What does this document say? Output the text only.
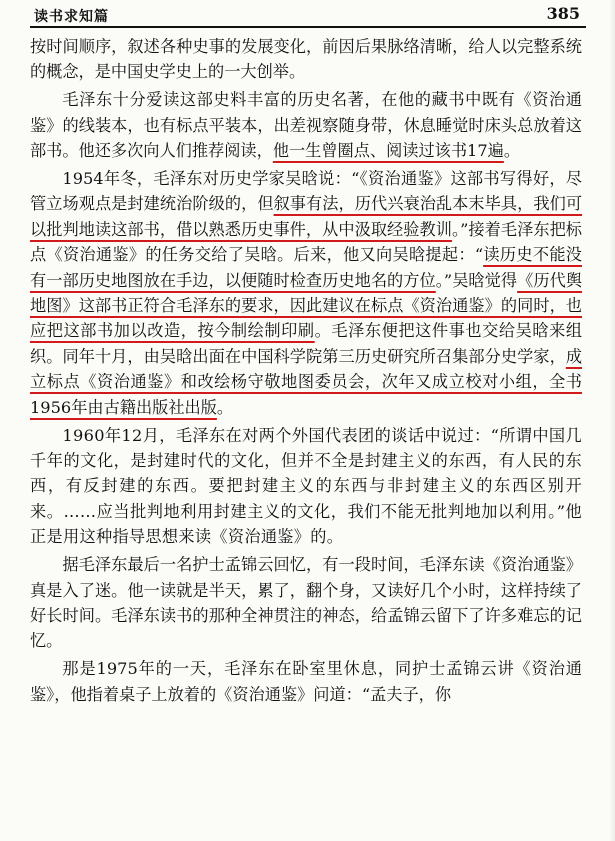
读书求知篇	385

按时间顺序，叙述各种史事的发展变化，前因后果脉络清晰，给人以完整系统的概念，是中国史学史上的一大创举。

毛泽东十分爱读这部史料丰富的历史名著，在他的藏书中既有《资治通鉴》的线装本，也有标点平装本，出差视察随身带，休息睡觉时床头总放着这部书。他还多次向人们推荐阅读，他一生曾圈点、阅读过该书17遍。

1954年冬，毛泽东对历史学家吴晗说：“《资治通鉴》这部书写得好，尽管立场观点是封建统治阶级的，但叙事有法，历代兴衰治乱本末毕具，我们可以批判地读这部书，借以熟悉历史事件，从中汲取经验教训。”接着毛泽东把标点《资治通鉴》的任务交给了吴晗。后来，他又向吴晗提起：“读历史不能没有一部历史地图放在手边，以便随时检查历史地名的方位。”吴晗觉得《历代舆地图》这部书正符合毛泽东的要求，因此建议在标点《资治通鉴》的同时，也应把这部书加以改造，按今制绘制印刷。毛泽东便把这件事也交给吴晗来组织。同年十月，由吴晗出面在中国科学院第三历史研究所召集部分史学家，成立标点《资治通鉴》和改绘杨守敬地图委员会，次年又成立校对小组，全书1956年由古籍出版社出版。

1960年12月，毛泽东在对两个外国代表团的谈话中说过：“所谓中国几千年的文化，是封建时代的文化，但并不全是封建主义的东西，有人民的东西，有反封建的东西。要把封建主义的东西与非封建主义的东西区别开来。……应当批判地利用封建主义的文化，我们不能无批判地加以利用。”他正是用这种指导思想来读《资治通鉴》的。

据毛泽东最后一名护士孟锦云回忆，有一段时间，毛泽东读《资治通鉴》真是入了迷。他一读就是半天，累了，翻个身，又读好几个小时，这样持续了好长时间。毛泽东读书的那种全神贯注的神态，给孟锦云留下了许多难忘的记忆。

那是1975年的一天，毛泽东在卧室里休息，同护士孟锦云讲《资治通鉴》，他指着桌子上放着的《资治通鉴》问道：“孟夫子，你
